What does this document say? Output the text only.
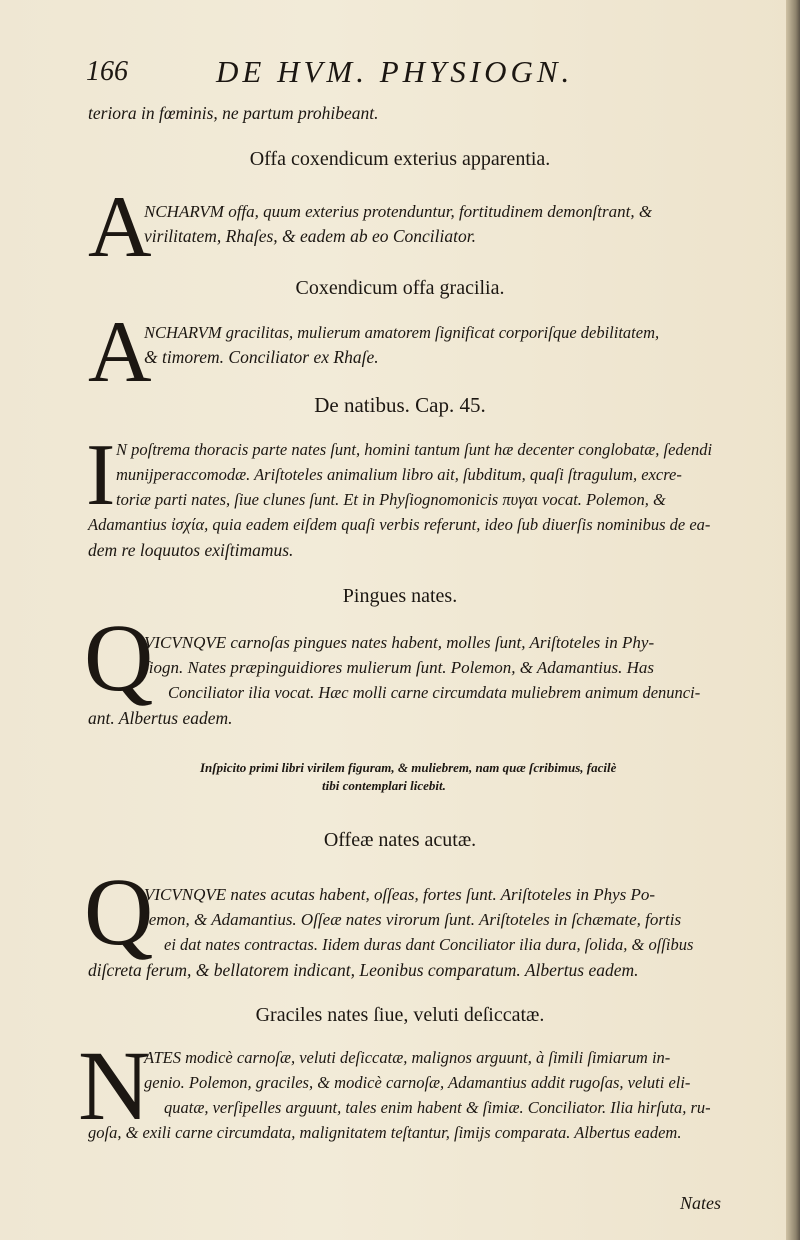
166	DE HVM. PHYSIOGN.
teriora in fœminis, ne partum prohibeant.
Offa coxendicum exterius apparentia.
A
NCHARVM offa, quum exterius protenduntur, fortitudinem demonſtrant, &
virilitatem, Rhaſes, & eadem ab eo Conciliator.
Coxendicum offa gracilia.
A
NCHARVM gracilitas, mulierum amatorem ſignificat corporiſque debilitatem,
& timorem. Conciliator ex Rhaſe.
De natibus. Cap. 45.
I N poſtrema thoracis parte nates ſunt, homini tantum ſunt hæ decenter conglobatæ, ſedendi
munijperaccomodæ. Ariſtoteles animalium libro ait, ſubditum, quaſi ſtragulum, excre-
toriæ parti nates, ſiue clunes ſunt. Et in Phyſiognomonicis πυγαι vocat. Polemon, &
Adamantius ἰσχία, quia eadem eiſdem quaſi verbis referunt, ideo ſub diuerſis nominibus de ea-
dem re loquutos exiſtimamus.
Pingues nates.
Q
VICVNQVE carnoſas pingues nates habent, molles ſunt, Ariſtoteles in Phy-
ſiogn. Nates præpinguidiores mulierum ſunt. Polemon, & Adamantius. Has
Conciliator ilia vocat. Hæc molli carne circumdata muliebrem animum denunci-
ant. Albertus eadem.
Inſpicito primi libri virilem figuram, & muliebrem, nam quæ ſcribimus, facilè
tibi contemplari licebit.
Offeæ nates acutæ.
Q
VICVNQVE nates acutas habent, oſſeas, fortes ſunt. Ariſtoteles in Phys Po-
lemon, & Adamantius. Oſſeæ nates virorum ſunt. Ariſtoteles in ſchæmate, fortis
ei dat nates contractas. Iidem duras dant Conciliator ilia dura, ſolida, & oſſibus
diſcreta ferum, & bellatorem indicant, Leonibus comparatum. Albertus eadem.
Graciles nates ſiue, veluti deſiccatæ.
N
ATES modicè carnoſæ, veluti deſiccatæ, malignos arguunt, à ſimili ſimiarum in-
genio. Polemon, graciles, & modicè carnoſæ, Adamantius addit rugoſas, veluti eli-
quatæ, verſipelles arguunt, tales enim habent & ſimiæ. Conciliator. Ilia hirſuta, ru-
goſa, & exili carne circumdata, malignitatem teſtantur, ſimijs comparata. Albertus eadem.
Nates
